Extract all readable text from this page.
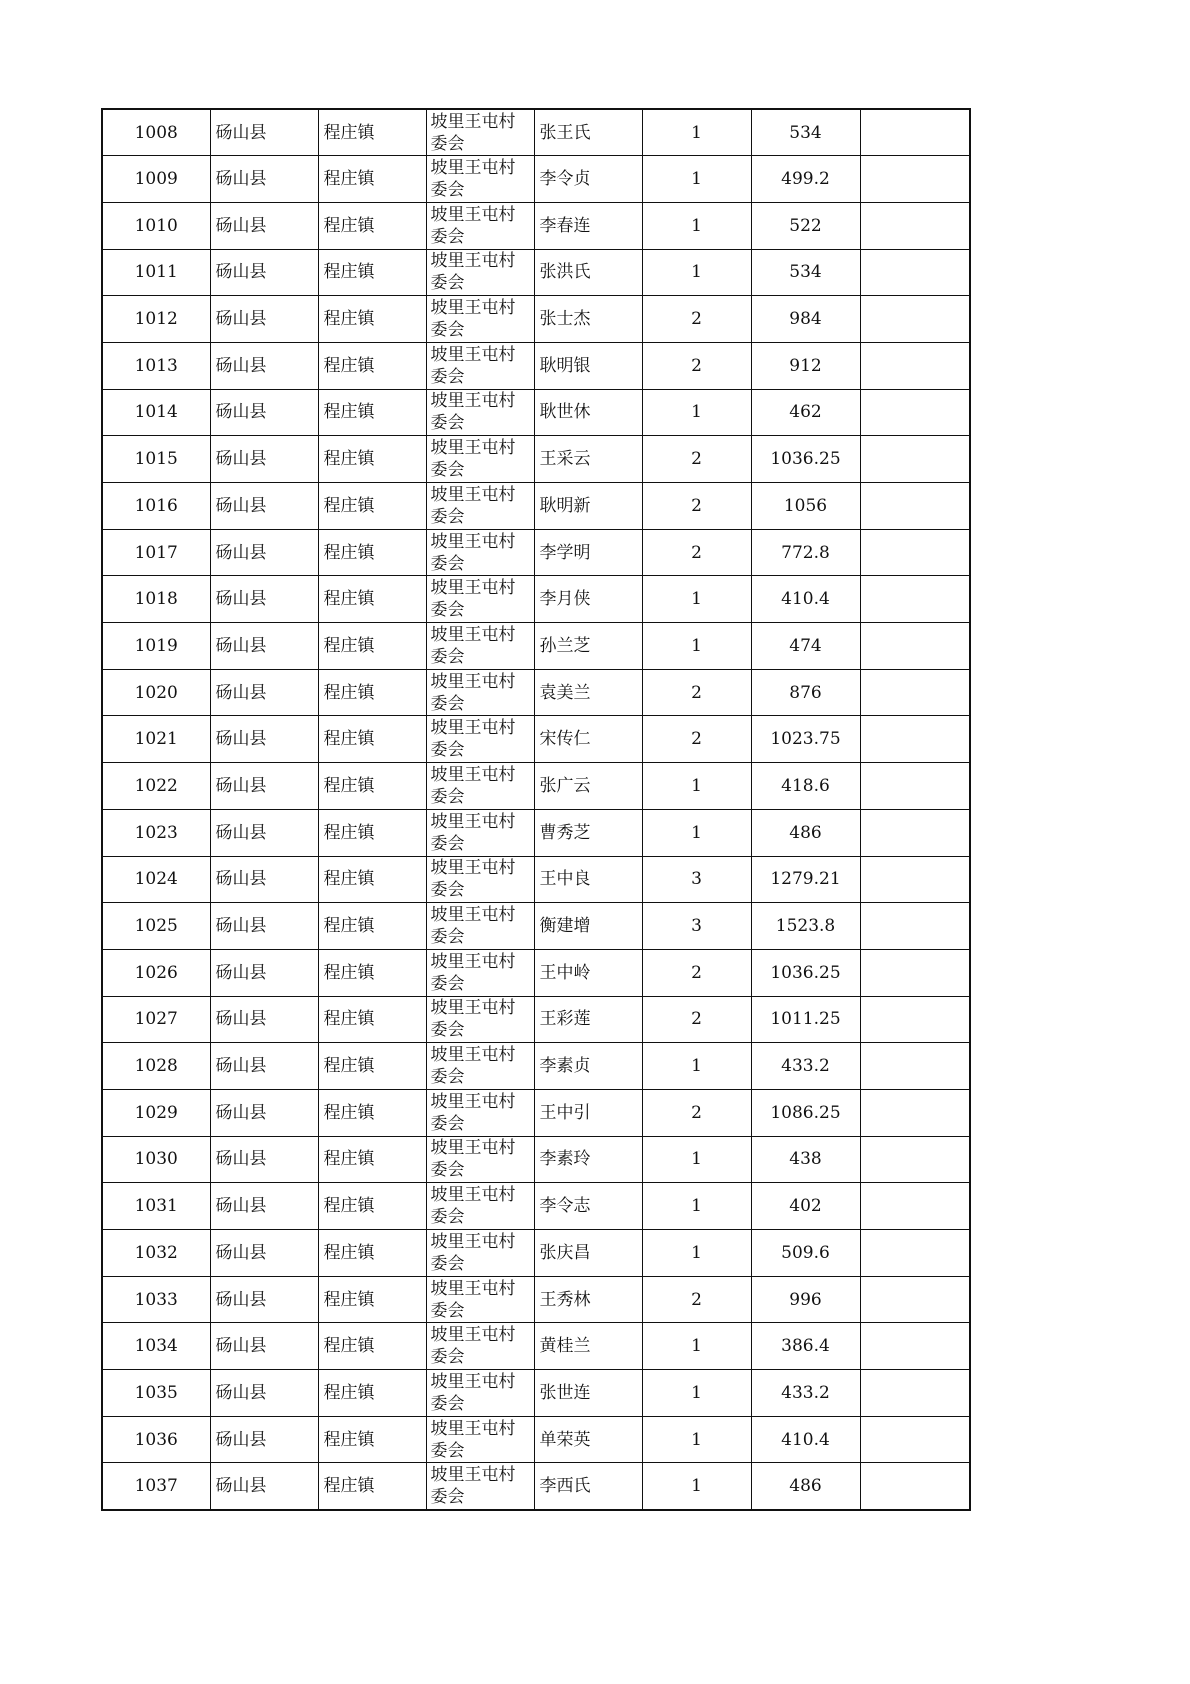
1008	砀山县	程庄镇	坡里王屯村委会	张王氏	1	534	
1009	砀山县	程庄镇	坡里王屯村委会	李令贞	1	499.2	
1010	砀山县	程庄镇	坡里王屯村委会	李春连	1	522	
1011	砀山县	程庄镇	坡里王屯村委会	张洪氏	1	534	
1012	砀山县	程庄镇	坡里王屯村委会	张士杰	2	984	
1013	砀山县	程庄镇	坡里王屯村委会	耿明银	2	912	
1014	砀山县	程庄镇	坡里王屯村委会	耿世休	1	462	
1015	砀山县	程庄镇	坡里王屯村委会	王采云	2	1036.25	
1016	砀山县	程庄镇	坡里王屯村委会	耿明新	2	1056	
1017	砀山县	程庄镇	坡里王屯村委会	李学明	2	772.8	
1018	砀山县	程庄镇	坡里王屯村委会	李月侠	1	410.4	
1019	砀山县	程庄镇	坡里王屯村委会	孙兰芝	1	474	
1020	砀山县	程庄镇	坡里王屯村委会	袁美兰	2	876	
1021	砀山县	程庄镇	坡里王屯村委会	宋传仁	2	1023.75	
1022	砀山县	程庄镇	坡里王屯村委会	张广云	1	418.6	
1023	砀山县	程庄镇	坡里王屯村委会	曹秀芝	1	486	
1024	砀山县	程庄镇	坡里王屯村委会	王中良	3	1279.21	
1025	砀山县	程庄镇	坡里王屯村委会	衡建增	3	1523.8	
1026	砀山县	程庄镇	坡里王屯村委会	王中岭	2	1036.25	
1027	砀山县	程庄镇	坡里王屯村委会	王彩莲	2	1011.25	
1028	砀山县	程庄镇	坡里王屯村委会	李素贞	1	433.2	
1029	砀山县	程庄镇	坡里王屯村委会	王中引	2	1086.25	
1030	砀山县	程庄镇	坡里王屯村委会	李素玲	1	438	
1031	砀山县	程庄镇	坡里王屯村委会	李令志	1	402	
1032	砀山县	程庄镇	坡里王屯村委会	张庆昌	1	509.6	
1033	砀山县	程庄镇	坡里王屯村委会	王秀林	2	996	
1034	砀山县	程庄镇	坡里王屯村委会	黄桂兰	1	386.4	
1035	砀山县	程庄镇	坡里王屯村委会	张世连	1	433.2	
1036	砀山县	程庄镇	坡里王屯村委会	单荣英	1	410.4	
1037	砀山县	程庄镇	坡里王屯村委会	李西氏	1	486	
